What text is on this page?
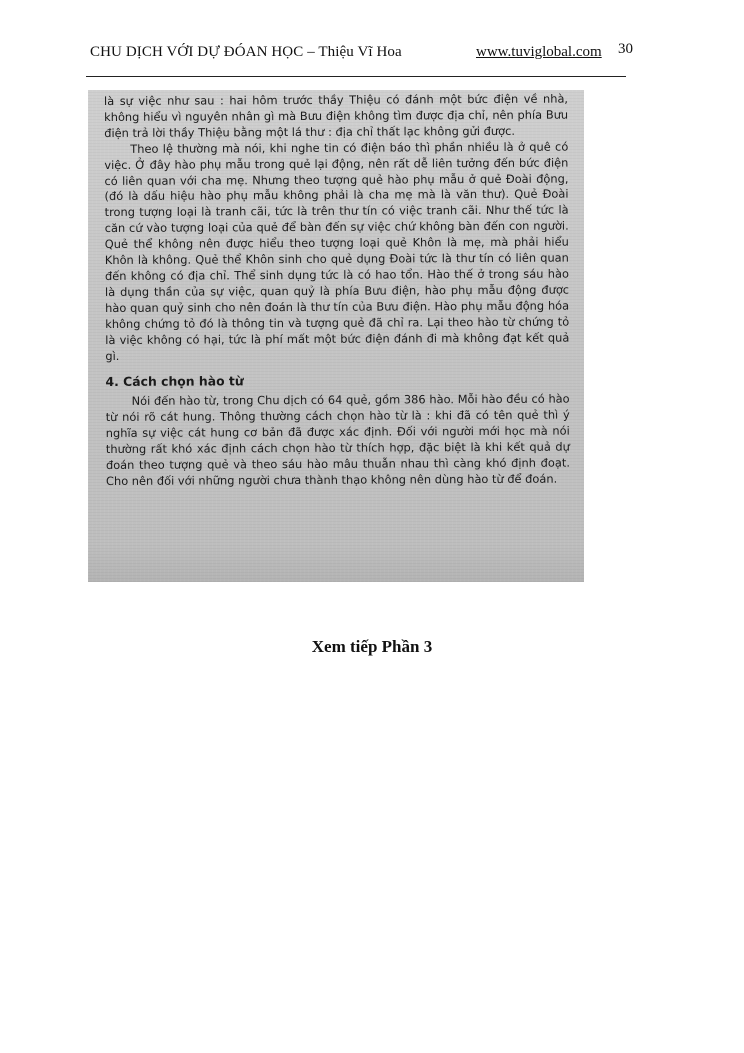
CHU DỊCH VỚI DỰ ĐÓAN HỌC – Thiệu Vĩ Hoa	www.tuviglobal.com 30

là sự việc như sau : hai hôm trước thầy Thiệu có đánh một bức điện về nhà, không hiểu vì nguyên nhân gì mà Bưu điện không tìm được địa chỉ, nên phía Bưu điện trả lời thầy Thiệu bằng một lá thư : địa chỉ thất lạc không gửi được.

Theo lệ thường mà nói, khi nghe tin có điện báo thì phần nhiều là ở quê có việc. Ở đây hào phụ mẫu trong quẻ lại động, nên rất dễ liên tưởng đến bức điện có liên quan với cha mẹ. Nhưng theo tượng quẻ hào phụ mẫu ở quẻ Đoài động, (đó là dấu hiệu hào phụ mẫu không phải là cha mẹ mà là văn thư). Quẻ Đoài trong tượng loại là tranh cãi, tức là trên thư tín có việc tranh cãi. Như thế tức là căn cứ vào tượng loại của quẻ để bàn đến sự việc chứ không bàn đến con người. Quẻ thể không nên được hiểu theo tượng loại quẻ Khôn là mẹ, mà phải hiểu Khôn là không. Quẻ thể Khôn sinh cho quẻ dụng Đoài tức là thư tín có liên quan đến không có địa chỉ. Thể sinh dụng tức là có hao tổn. Hào thế ở trong sáu hào là dụng thần của sự việc, quan quỷ là phía Bưu điện, hào phụ mẫu động được hào quan quỷ sinh cho nên đoán là thư tín của Bưu điện. Hào phụ mẫu động hóa không chứng tỏ đó là thông tin và tượng quẻ đã chỉ ra. Lại theo hào từ chứng tỏ là việc không có hại, tức là phí mất một bức điện đánh đi mà không đạt kết quả gì.

4. Cách chọn hào từ

Nói đến hào từ, trong Chu dịch có 64 quẻ, gồm 386 hào. Mỗi hào đều có hào từ nói rõ cát hung. Thông thường cách chọn hào từ là : khi đã có tên quẻ thì ý nghĩa sự việc cát hung cơ bản đã được xác định. Đối với người mới học mà nói thường rất khó xác định cách chọn hào từ thích hợp, đặc biệt là khi kết quả dự đoán theo tượng quẻ và theo sáu hào mâu thuẫn nhau thì càng khó định đoạt. Cho nên đối với những người chưa thành thạo không nên dùng hào từ để đoán.

Xem tiếp Phần 3
